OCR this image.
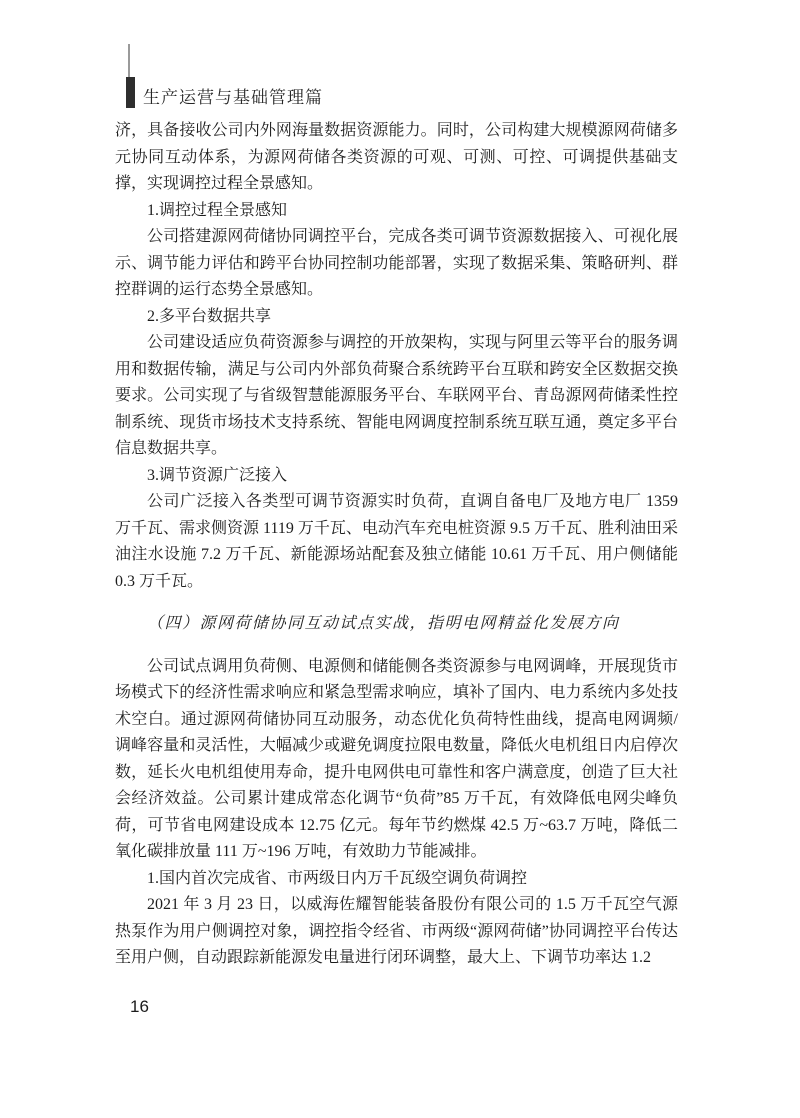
生产运营与基础管理篇

济，具备接收公司内外网海量数据资源能力。同时，公司构建大规模源网荷储多元协同互动体系，为源网荷储各类资源的可观、可测、可控、可调提供基础支撑，实现调控过程全景感知。

1.调控过程全景感知

公司搭建源网荷储协同调控平台，完成各类可调节资源数据接入、可视化展示、调节能力评估和跨平台协同控制功能部署，实现了数据采集、策略研判、群控群调的运行态势全景感知。

2.多平台数据共享

公司建设适应负荷资源参与调控的开放架构，实现与阿里云等平台的服务调用和数据传输，满足与公司内外部负荷聚合系统跨平台互联和跨安全区数据交换要求。公司实现了与省级智慧能源服务平台、车联网平台、青岛源网荷储柔性控制系统、现货市场技术支持系统、智能电网调度控制系统互联互通，奠定多平台信息数据共享。

3.调节资源广泛接入

公司广泛接入各类型可调节资源实时负荷，直调自备电厂及地方电厂 1359 万千瓦、需求侧资源 1119 万千瓦、电动汽车充电桩资源 9.5 万千瓦、胜利油田采油注水设施 7.2 万千瓦、新能源场站配套及独立储能 10.61 万千瓦、用户侧储能 0.3 万千瓦。

（四）源网荷储协同互动试点实战，指明电网精益化发展方向

公司试点调用负荷侧、电源侧和储能侧各类资源参与电网调峰，开展现货市场模式下的经济性需求响应和紧急型需求响应，填补了国内、电力系统内多处技术空白。通过源网荷储协同互动服务，动态优化负荷特性曲线，提高电网调频/调峰容量和灵活性，大幅减少或避免调度拉限电数量，降低火电机组日内启停次数，延长火电机组使用寿命，提升电网供电可靠性和客户满意度，创造了巨大社会经济效益。公司累计建成常态化调节“负荷”85 万千瓦，有效降低电网尖峰负荷，可节省电网建设成本 12.75 亿元。每年节约燃煤 42.5 万~63.7 万吨，降低二氧化碳排放量 111 万~196 万吨，有效助力节能减排。

1.国内首次完成省、市两级日内万千瓦级空调负荷调控

2021 年 3 月 23 日，以威海佐耀智能装备股份有限公司的 1.5 万千瓦空气源热泵作为用户侧调控对象，调控指令经省、市两级“源网荷储”协同调控平台传达至用户侧，自动跟踪新能源发电量进行闭环调整，最大上、下调节功率达 1.2

16
